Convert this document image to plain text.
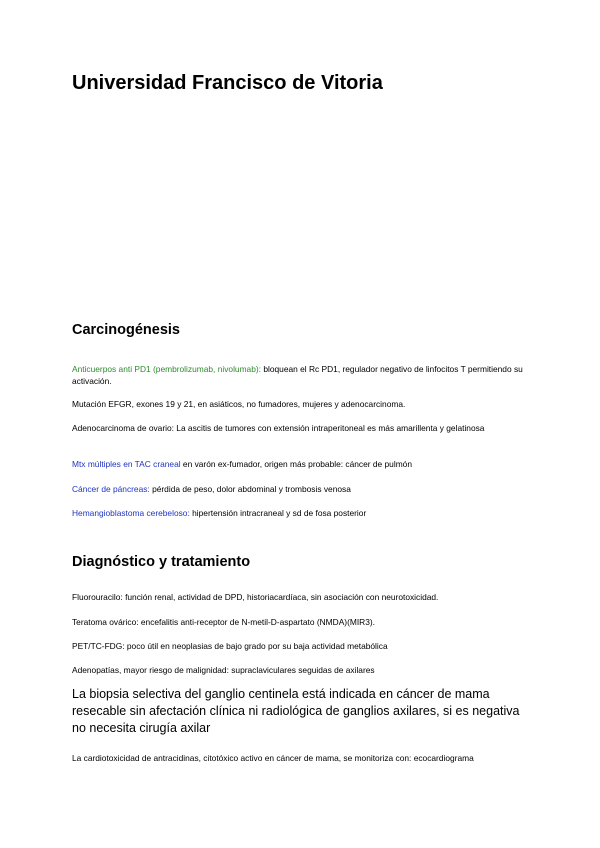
Universidad Francisco de Vitoria
Carcinogénesis

Anticuerpos anti PD1 (pembrolizumab, nivolumab): bloquean el Rc PD1, regulador negativo de linfocitos T permitiendo su activación.

Mutación EFGR, exones 19 y 21, en asiáticos, no fumadores, mujeres y adenocarcinoma.

Adenocarcinoma de ovario: La ascitis de tumores con extensión intraperitoneal es más amarillenta y gelatinosa

Mtx múltiples en TAC craneal en varón ex-fumador, origen más probable: cáncer de pulmón

Cáncer de páncreas: pérdida de peso, dolor abdominal y trombosis venosa

Hemangioblastoma cerebeloso: hipertensión intracraneal y sd de fosa posterior

Diagnóstico y tratamiento

Fluorouracilo: función renal, actividad de DPD, historiacardíaca, sin asociación con neurotoxicidad.

Teratoma ovárico: encefalitis anti-receptor de N-metil-D-aspartato (NMDA)(MIR3).

PET/TC-FDG: poco útil en neoplasias de bajo grado por su baja actividad metabólica

Adenopatías, mayor riesgo de malignidad: supraclaviculares seguidas de axilares

La biopsia selectiva del ganglio centinela está indicada en cáncer de mama resecable sin afectación clínica ni radiológica de ganglios axilares, si es negativa no necesita cirugía axilar

La cardiotoxicidad de antracidinas, citotóxico activo en cáncer de mama, se monitoriza con: ecocardiograma
